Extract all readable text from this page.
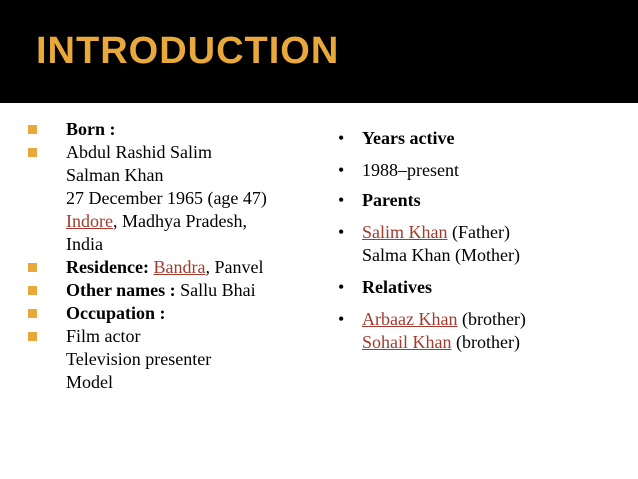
INTRODUCTION
Born :
Abdul Rashid Salim
Salman Khan
27 December 1965 (age 47)
Indore, Madhya Pradesh,
India
Residence: Bandra, Panvel
Other names : Sallu Bhai
Occupation :
Film actor
Television presenter
Model
• Years active
• 1988–present
• Parents
• Salim Khan (Father)
Salma Khan (Mother)
• Relatives
• Arbaaz Khan (brother)
Sohail Khan (brother)
